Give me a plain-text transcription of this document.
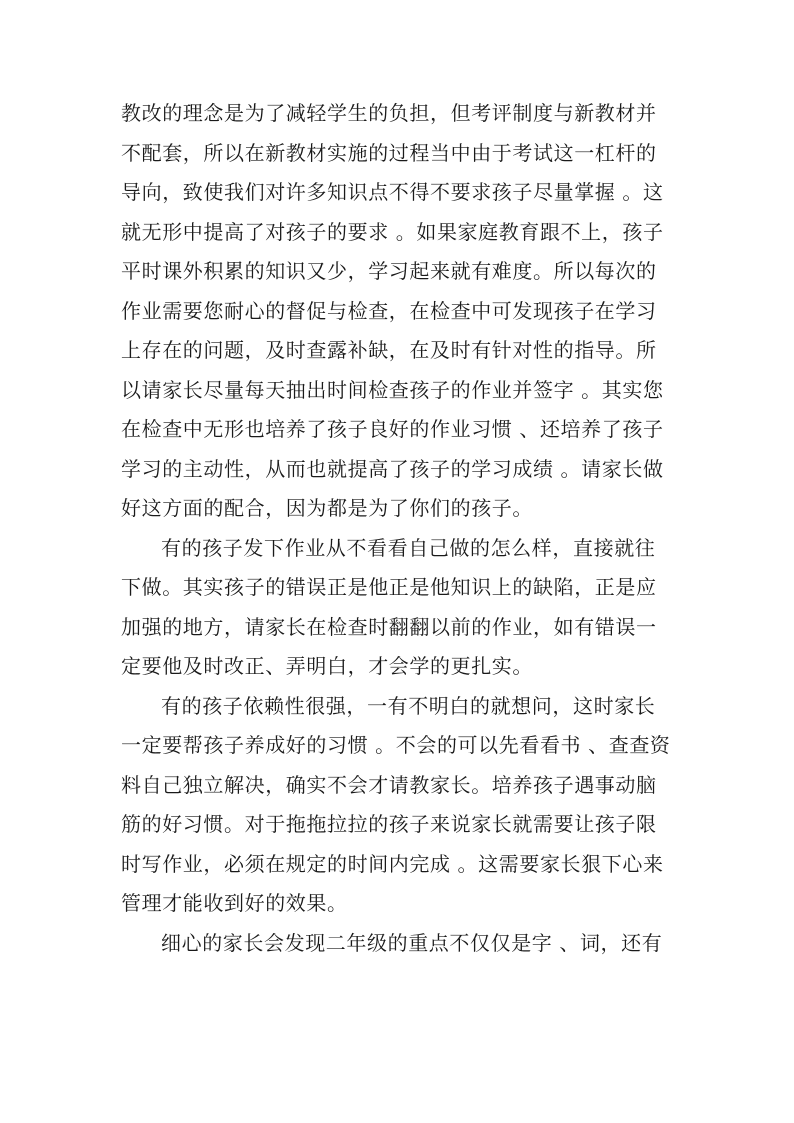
教改的理念是为了减轻学生的负担，但考评制度与新教材并
不配套，所以在新教材实施的过程当中由于考试这一杠杆的
导向，致使我们对许多知识点不得不要求孩子尽量掌握 。这
就无形中提高了对孩子的要求 。如果家庭教育跟不上，孩子
平时课外积累的知识又少，学习起来就有难度。所以每次的
作业需要您耐心的督促与检查，在检查中可发现孩子在学习
上存在的问题，及时查露补缺，在及时有针对性的指导。所
以请家长尽量每天抽出时间检查孩子的作业并签字 。其实您
在检查中无形也培养了孩子良好的作业习惯 、还培养了孩子
学习的主动性，从而也就提高了孩子的学习成绩 。请家长做
好这方面的配合，因为都是为了你们的孩子。
有的孩子发下作业从不看看自己做的怎么样，直接就往
下做。其实孩子的错误正是他正是他知识上的缺陷，正是应
加强的地方，请家长在检查时翻翻以前的作业，如有错误一
定要他及时改正、弄明白，才会学的更扎实。
有的孩子依赖性很强，一有不明白的就想问，这时家长
一定要帮孩子养成好的习惯 。不会的可以先看看书 、查查资
料自己独立解决，确实不会才请教家长。培养孩子遇事动脑
筋的好习惯。对于拖拖拉拉的孩子来说家长就需要让孩子限
时写作业，必须在规定的时间内完成 。这需要家长狠下心来
管理才能收到好的效果。
细心的家长会发现二年级的重点不仅仅是字 、词，还有
